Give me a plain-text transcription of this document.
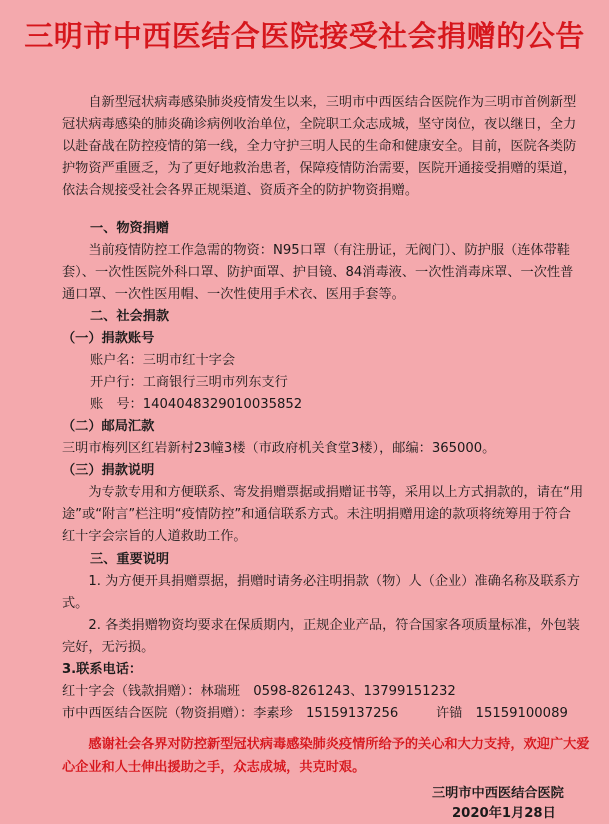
三明市中西医结合医院接受社会捐赠的公告
　　自新型冠状病毒感染肺炎疫情发生以来，三明市中西医结合医院作为三明市首例新型冠状病毒感染的肺炎确诊病例收治单位，全院职工众志成城，坚守岗位，夜以继日，全力以赴奋战在防控疫情的第一线，全力守护三明人民的生命和健康安全。目前，医院各类防护物资严重匮乏，为了更好地救治患者，保障疫情防治需要，医院开通接受捐赠的渠道，依法合规接受社会各界正规渠道、资质齐全的防护物资捐赠。
一、物资捐赠
　　当前疫情防控工作急需的物资：N95口罩（有注册证，无阀门）、防护服（连体带鞋套）、一次性医院外科口罩、防护面罩、护目镜、84消毒液、一次性消毒床罩、一次性普通口罩、一次性医用帽、一次性使用手术衣、医用手套等。
二、社会捐款
（一）捐款账号
账户名：三明市红十字会
开户行：工商银行三明市列东支行
账　号：1404048329010035852
（二）邮局汇款
三明市梅列区红岩新村23幢3楼（市政府机关食堂3楼），邮编：365000。
（三）捐款说明
　　为专款专用和方便联系、寄发捐赠票据或捐赠证书等，采用以上方式捐款的，请在“用途”或“附言”栏注明“疫情防控”和通信联系方式。未注明捐赠用途的款项将统筹用于符合红十字会宗旨的人道救助工作。
三、重要说明
　　1. 为方便开具捐赠票据，捐赠时请务必注明捐款（物）人（企业）准确名称及联系方式。
　　2. 各类捐赠物资均要求在保质期内，正规企业产品，符合国家各项质量标准，外包装完好，无污损。
3.联系电话：
红十字会（钱款捐赠）：林瑞班　0598-8261243、13799151232
市中西医结合医院（物资捐赠）：李素珍　15159137256	许锚　15159100089
　　感谢社会各界对防控新型冠状病毒感染肺炎疫情所给予的关心和大力支持，欢迎广大爱心企业和人士伸出援助之手，众志成城，共克时艰。
三明市中西医结合医院
2020年1月28日
